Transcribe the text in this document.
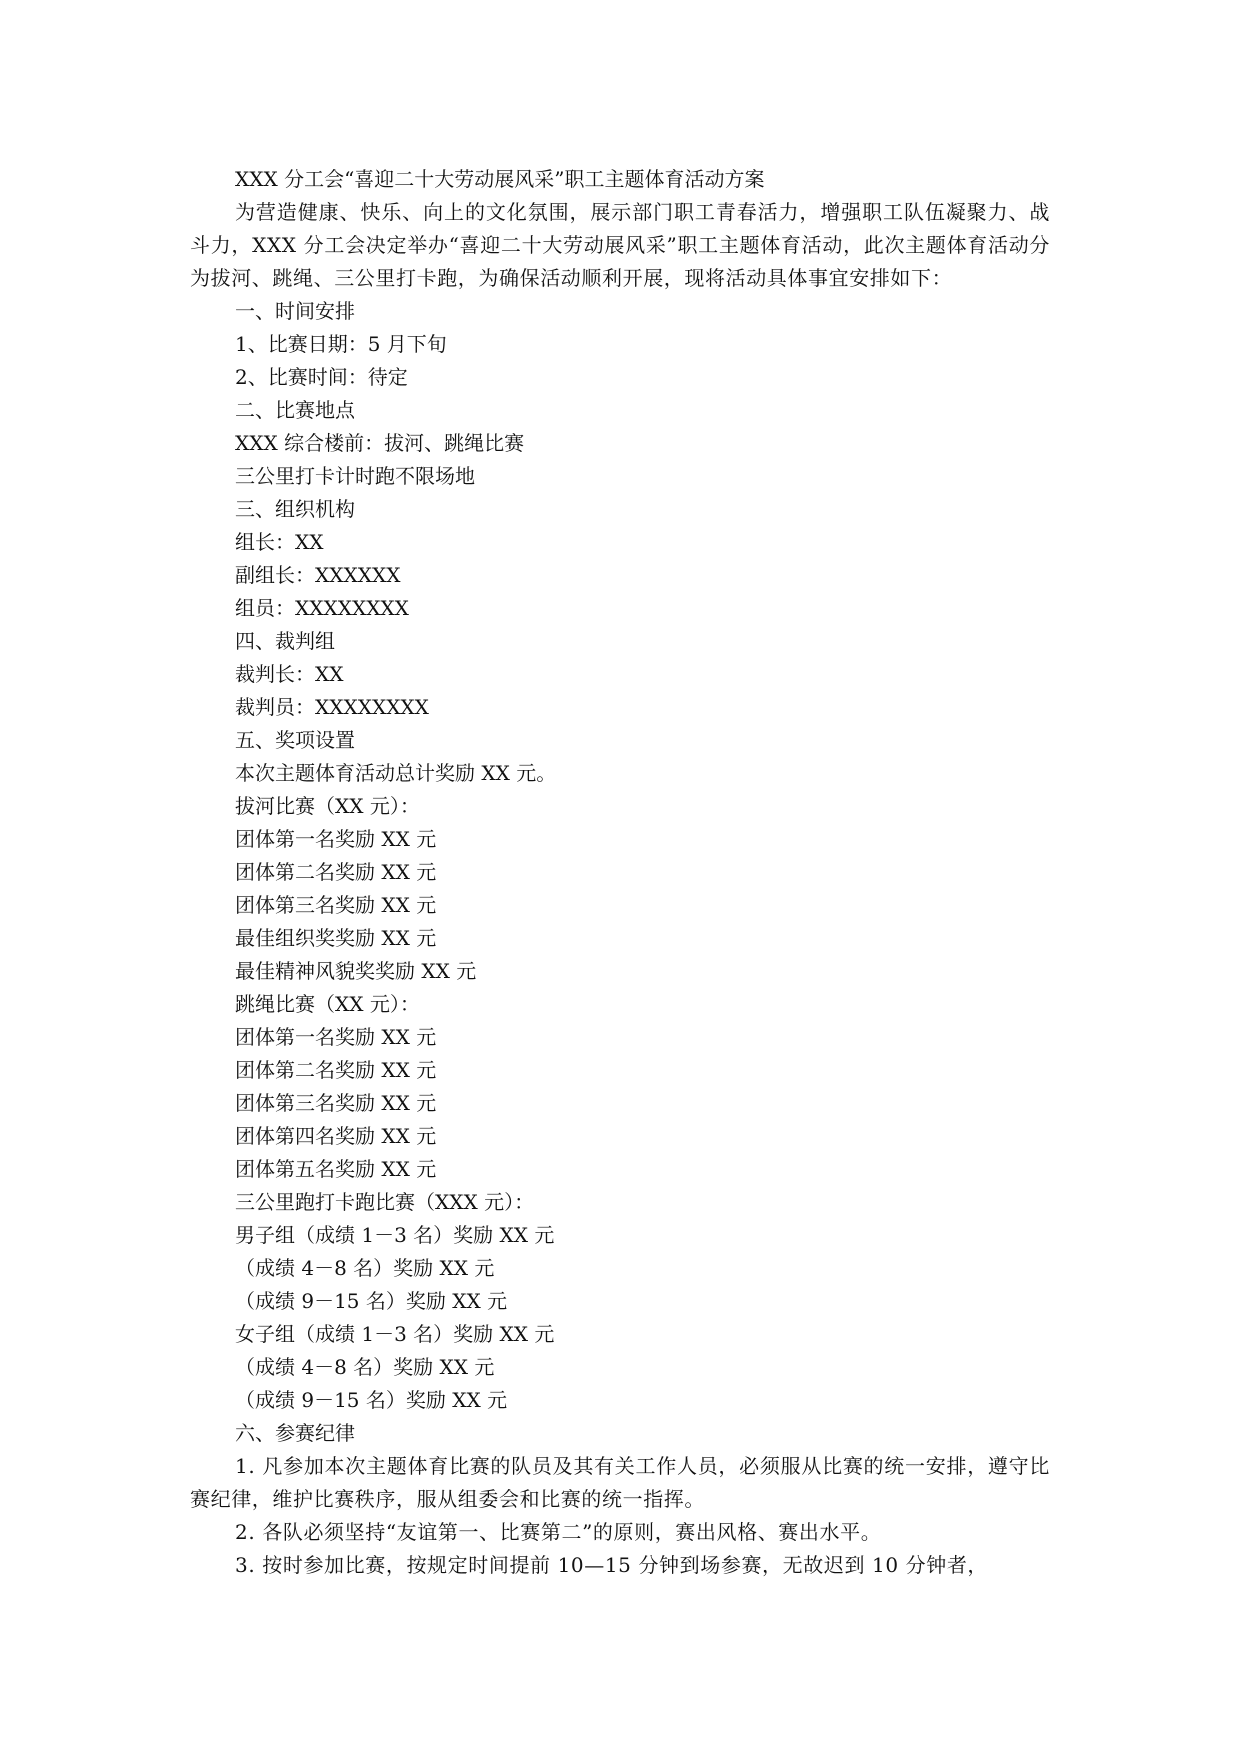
XXX 分工会“喜迎二十大劳动展风采”职工主题体育活动方案

为营造健康、快乐、向上的文化氛围，展示部门职工青春活力，增强职工队伍凝聚力、战斗力，XXX 分工会决定举办“喜迎二十大劳动展风采”职工主题体育活动，此次主题体育活动分为拔河、跳绳、三公里打卡跑，为确保活动顺利开展，现将活动具体事宜安排如下：

一、时间安排

1、比赛日期：5 月下旬

2、比赛时间：待定

二、比赛地点

XXX 综合楼前：拔河、跳绳比赛

三公里打卡计时跑不限场地

三、组织机构

组长：XX

副组长：XXXXXX

组员：XXXXXXXX

四、裁判组

裁判长：XX

裁判员：XXXXXXXX

五、奖项设置

本次主题体育活动总计奖励 XX 元。

拔河比赛（XX 元）：

团体第一名奖励 XX 元

团体第二名奖励 XX 元

团体第三名奖励 XX 元

最佳组织奖奖励 XX 元

最佳精神风貌奖奖励 XX 元

跳绳比赛（XX 元）：

团体第一名奖励 XX 元

团体第二名奖励 XX 元

团体第三名奖励 XX 元

团体第四名奖励 XX 元

团体第五名奖励 XX 元

三公里跑打卡跑比赛（XXX 元）：

男子组（成绩 1－3 名）奖励 XX 元

（成绩 4－8 名）奖励 XX 元

（成绩 9－15 名）奖励 XX 元

女子组（成绩 1－3 名）奖励 XX 元

（成绩 4－8 名）奖励 XX 元

（成绩 9－15 名）奖励 XX 元

六、参赛纪律

1. 凡参加本次主题体育比赛的队员及其有关工作人员，必须服从比赛的统一安排，遵守比赛纪律，维护比赛秩序，服从组委会和比赛的统一指挥。

2. 各队必须坚持“友谊第一、比赛第二”的原则，赛出风格、赛出水平。

3. 按时参加比赛，按规定时间提前 10—15 分钟到场参赛，无故迟到 10 分钟者，
